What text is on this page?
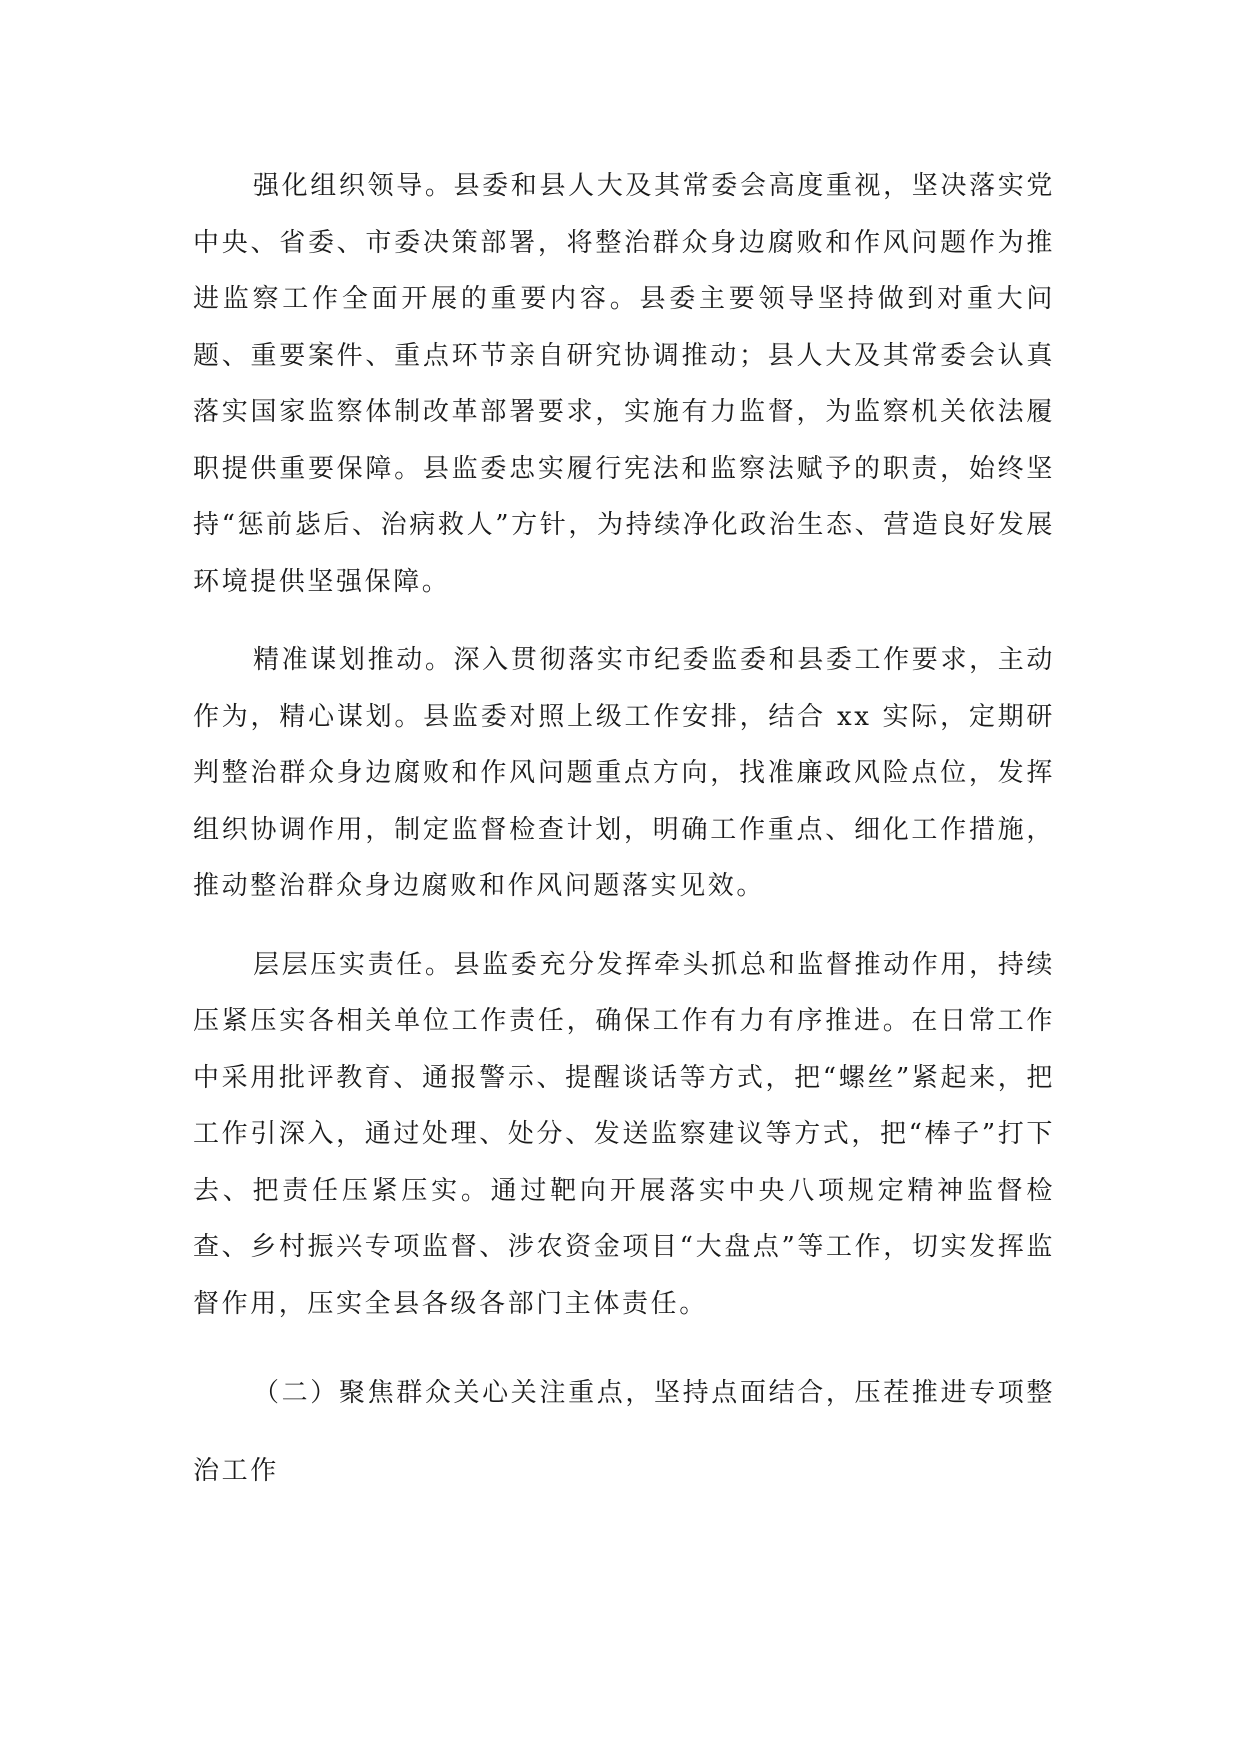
强化组织领导。县委和县人大及其常委会高度重视，坚决落实党中央、省委、市委决策部署，将整治群众身边腐败和作风问题作为推进监察工作全面开展的重要内容。县委主要领导坚持做到对重大问题、重要案件、重点环节亲自研究协调推动；县人大及其常委会认真落实国家监察体制改革部署要求，实施有力监督，为监察机关依法履职提供重要保障。县监委忠实履行宪法和监察法赋予的职责，始终坚持“惩前毖后、治病救人”方针，为持续净化政治生态、营造良好发展环境提供坚强保障。

精准谋划推动。深入贯彻落实市纪委监委和县委工作要求，主动作为，精心谋划。县监委对照上级工作安排，结合 xx 实际，定期研判整治群众身边腐败和作风问题重点方向，找准廉政风险点位，发挥组织协调作用，制定监督检查计划，明确工作重点、细化工作措施，推动整治群众身边腐败和作风问题落实见效。

层层压实责任。县监委充分发挥牵头抓总和监督推动作用，持续压紧压实各相关单位工作责任，确保工作有力有序推进。在日常工作中采用批评教育、通报警示、提醒谈话等方式，把“螺丝”紧起来，把工作引深入，通过处理、处分、发送监察建议等方式，把“棒子”打下去、把责任压紧压实。通过靶向开展落实中央八项规定精神监督检查、乡村振兴专项监督、涉农资金项目“大盘点”等工作，切实发挥监督作用，压实全县各级各部门主体责任。

（二）聚焦群众关心关注重点，坚持点面结合，压茬推进专项整治工作
